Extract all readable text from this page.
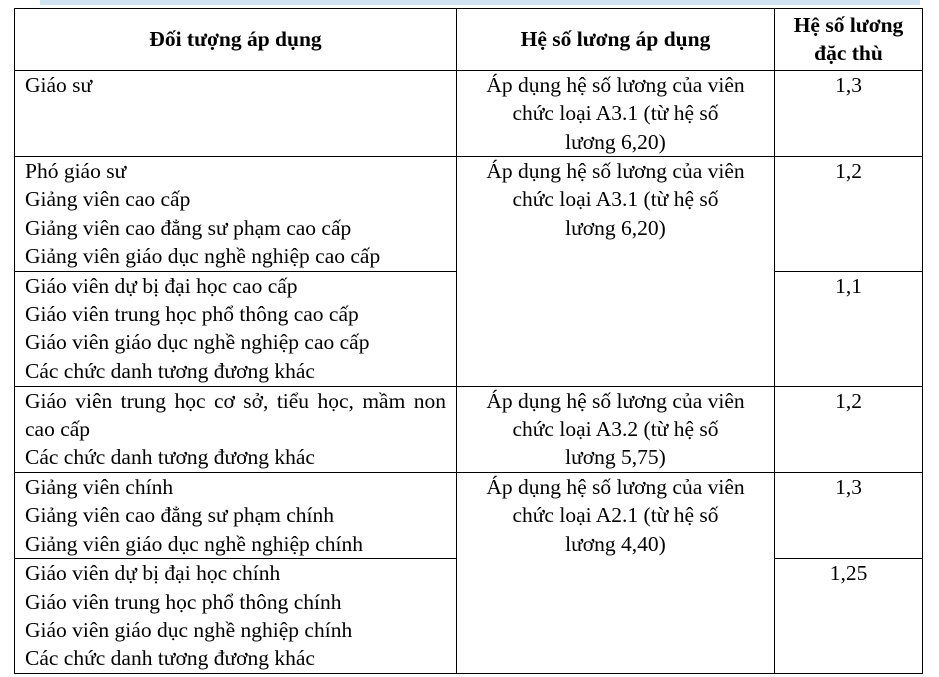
Đối tượng áp dụng	Hệ số lương áp dụng	Hệ số lương
đặc thù

Giáo sư	Áp dụng hệ số lương của viên
chức loại A3.1 (từ hệ số
lương 6,20)	1,3

Phó giáo sư
Giảng viên cao cấp
Giảng viên cao đẳng sư phạm cao cấp
Giảng viên giáo dục nghề nghiệp cao cấp	Áp dụng hệ số lương của viên
chức loại A3.1 (từ hệ số
lương 6,20)	1,2

Giáo viên dự bị đại học cao cấp
Giáo viên trung học phổ thông cao cấp
Giáo viên giáo dục nghề nghiệp cao cấp
Các chức danh tương đương khác		1,1

Giáo viên trung học cơ sở, tiểu học, mầm non cao cấp
Các chức danh tương đương khác	Áp dụng hệ số lương của viên
chức loại A3.2 (từ hệ số
lương 5,75)	1,2

Giảng viên chính
Giảng viên cao đẳng sư phạm chính
Giảng viên giáo dục nghề nghiệp chính	Áp dụng hệ số lương của viên
chức loại A2.1 (từ hệ số
lương 4,40)	1,3

Giáo viên dự bị đại học chính
Giáo viên trung học phổ thông chính
Giáo viên giáo dục nghề nghiệp chính
Các chức danh tương đương khác		1,25
